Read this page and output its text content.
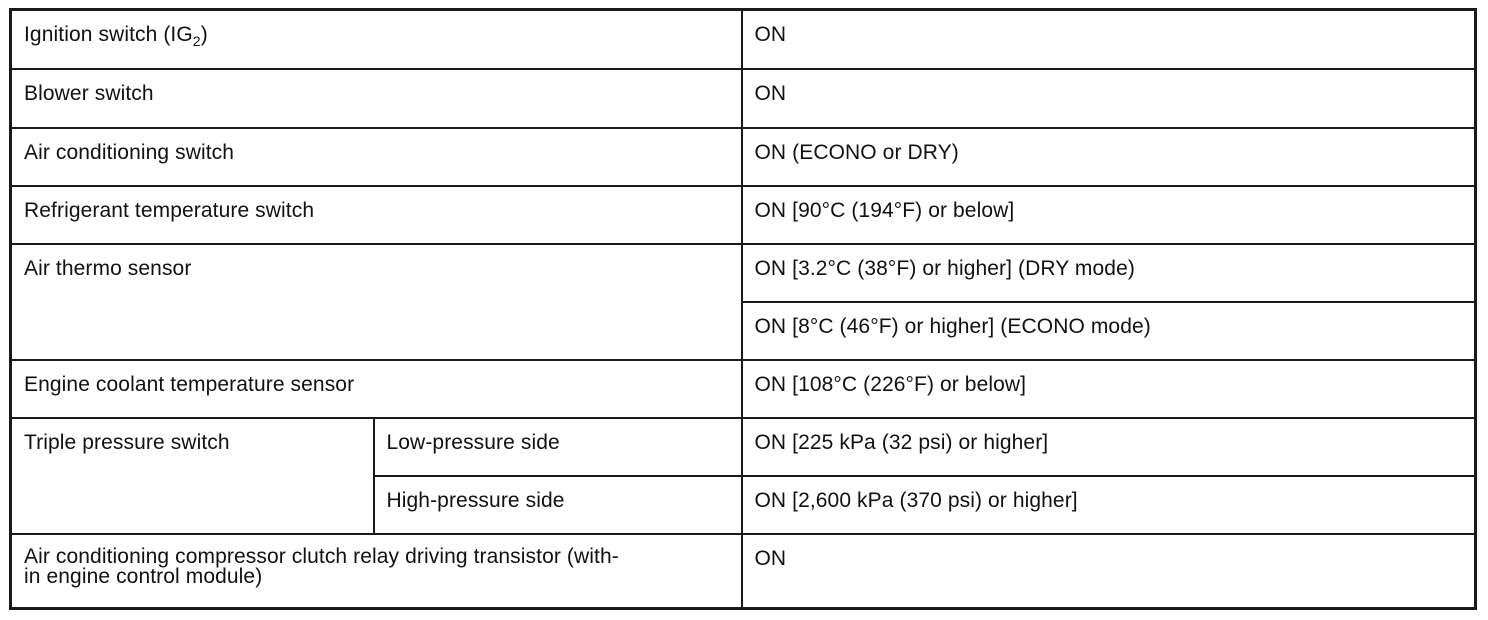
Ignition switch $(IG_2)$		ON
Blower switch		ON
Air conditioning switch		ON (ECONO or DRY)
Refrigerant temperature switch		ON [90°C (194°F) or below]
Air thermo sensor		ON [3.2°C (38°F) or higher] (DRY mode)
		ON [8°C (46°F) or higher] (ECONO mode)
Engine coolant temperature sensor		ON [108°C (226°F) or below]
Triple pressure switch	Low-pressure side	ON [225 kPa (32 psi) or higher]
	High-pressure side	ON [2,600 kPa (370 psi) or higher]

Air conditioning compressor clutch relay driving transistor (with-
in engine control module)		ON
